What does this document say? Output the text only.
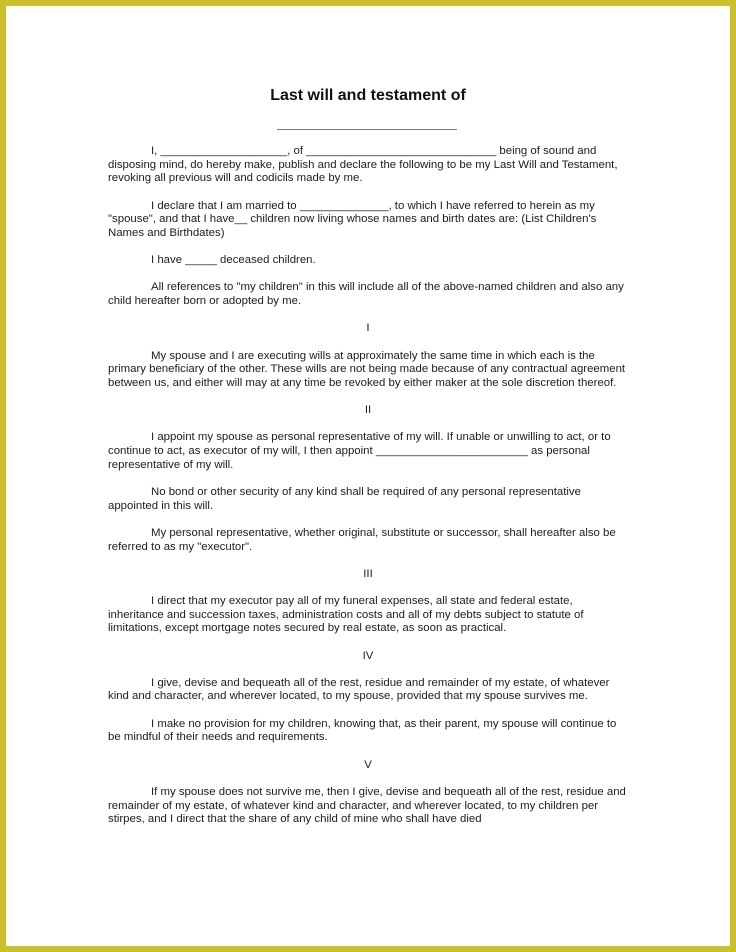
Last will and testament of

I, ____________________, of ______________________________ being of sound and disposing mind, do hereby make, publish and declare the following to be my Last Will and Testament, revoking all previous will and codicils made by me.

I declare that I am married to ______________, to which I have referred to herein as my "spouse", and that I have__ children now living whose names and birth dates are: (List Children's Names and Birthdates)

I have _____ deceased children.

All references to "my children" in this will include all of the above-named children and also any child hereafter born or adopted by me.

I

My spouse and I are executing wills at approximately the same time in which each is the primary beneficiary of the other. These wills are not being made because of any contractual agreement between us, and either will may at any time be revoked by either maker at the sole discretion thereof.

II

I appoint my spouse as personal representative of my will. If unable or unwilling to act, or to continue to act, as executor of my will, I then appoint ________________________ as personal representative of my will.

No bond or other security of any kind shall be required of any personal representative appointed in this will.

My personal representative, whether original, substitute or successor, shall hereafter also be referred to as my "executor".

III

I direct that my executor pay all of my funeral expenses, all state and federal estate, inheritance and succession taxes, administration costs and all of my debts subject to statute of limitations, except mortgage notes secured by real estate, as soon as practical.

IV

I give, devise and bequeath all of the rest, residue and remainder of my estate, of whatever kind and character, and wherever located, to my spouse, provided that my spouse survives me.

I make no provision for my children, knowing that, as their parent, my spouse will continue to be mindful of their needs and requirements.

V

If my spouse does not survive me, then I give, devise and bequeath all of the rest, residue and remainder of my estate, of whatever kind and character, and wherever located, to my children per stirpes, and I direct that the share of any child of mine who shall have died
